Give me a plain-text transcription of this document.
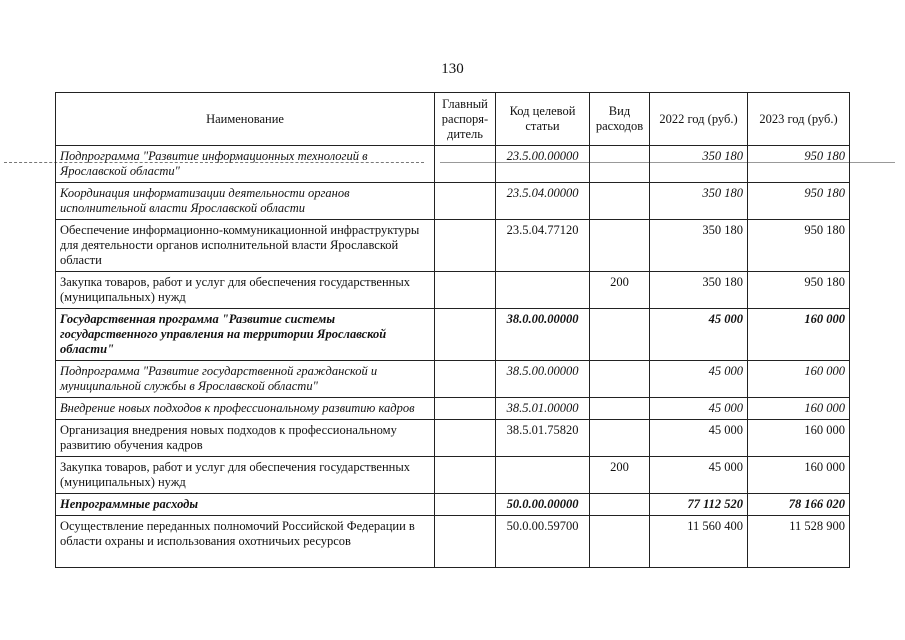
130
Наименование	Главный распоря-дитель	Код целевой статьи	Вид расходов	2022 год (руб.)	2023 год (руб.)
Подпрограмма "Развитие информационных технологий в Ярославской области"		23.5.00.00000		350 180	950 180
Координация информатизации деятельности органов исполнительной власти Ярославской области		23.5.04.00000		350 180	950 180
Обеспечение информационно-коммуникационной инфраструктуры для деятельности органов исполнительной власти Ярославской области		23.5.04.77120		350 180	950 180
Закупка товаров, работ и услуг для обеспечения государственных (муниципальных) нужд			200	350 180	950 180
Государственная программа "Развитие системы государственного управления на территории Ярославской области"		38.0.00.00000		45 000	160 000
Подпрограмма "Развитие государственной гражданской и муниципальной службы в Ярославской области"		38.5.00.00000		45 000	160 000
Внедрение новых подходов к профессиональному развитию кадров		38.5.01.00000		45 000	160 000
Организация внедрения новых подходов к профессиональному развитию обучения кадров		38.5.01.75820		45 000	160 000
Закупка товаров, работ и услуг для обеспечения государственных (муниципальных) нужд			200	45 000	160 000
Непрограммные расходы		50.0.00.00000		77 112 520	78 166 020
Осуществление переданных полномочий Российской Федерации в области охраны и использования охотничьих ресурсов		50.0.00.59700		11 560 400	11 528 900
